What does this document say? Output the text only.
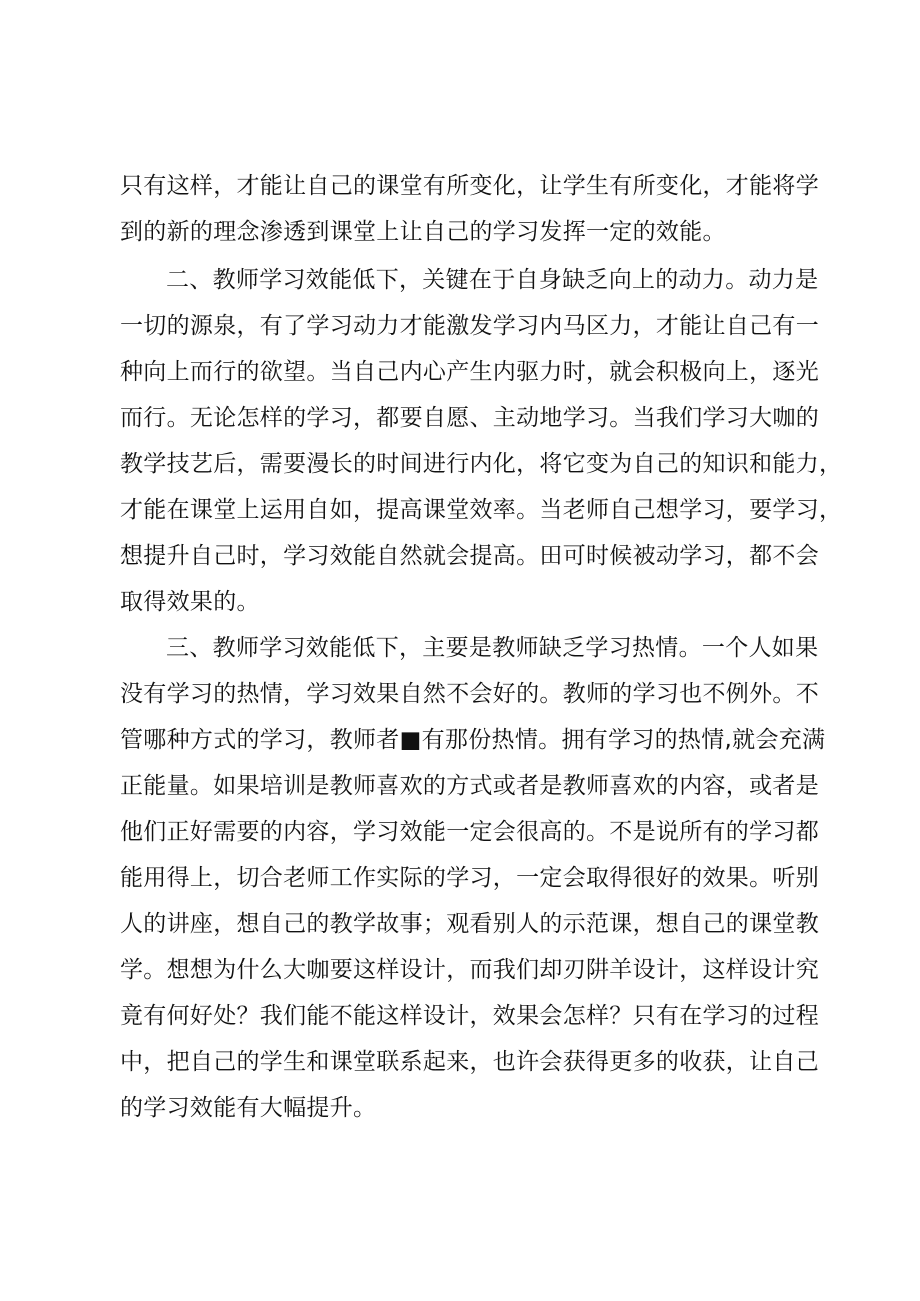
只有这样，才能让自己的课堂有所变化，让学生有所变化，才能将学
到的新的理念渗透到课堂上让自己的学习发挥一定的效能。
二、教师学习效能低下，关键在于自身缺乏向上的动力。动力是
一切的源泉，有了学习动力才能激发学习内马区力，才能让自己有一
种向上而行的欲望。当自己内心产生内驱力时，就会积极向上，逐光
而行。无论怎样的学习，都要自愿、主动地学习。当我们学习大咖的
教学技艺后，需要漫长的时间进行内化，将它变为自己的知识和能力，
才能在课堂上运用自如，提高课堂效率。当老师自己想学习，要学习，
想提升自己时，学习效能自然就会提高。田可时候被动学习，都不会
取得效果的。
三、教师学习效能低下，主要是教师缺乏学习热情。一个人如果
没有学习的热情，学习效果自然不会好的。教师的学习也不例外。不
管哪种方式的学习，教师者■有那份热情。拥有学习的热情,就会充满
正能量。如果培训是教师喜欢的方式或者是教师喜欢的内容，或者是
他们正好需要的内容，学习效能一定会很高的。不是说所有的学习都
能用得上，切合老师工作实际的学习，一定会取得很好的效果。听别
人的讲座，想自己的教学故事；观看别人的示范课，想自己的课堂教
学。想想为什么大咖要这样设计，而我们却刃阱羊设计，这样设计究
竟有何好处？我们能不能这样设计，效果会怎样？只有在学习的过程
中，把自己的学生和课堂联系起来，也许会获得更多的收获，让自己
的学习效能有大幅提升。
